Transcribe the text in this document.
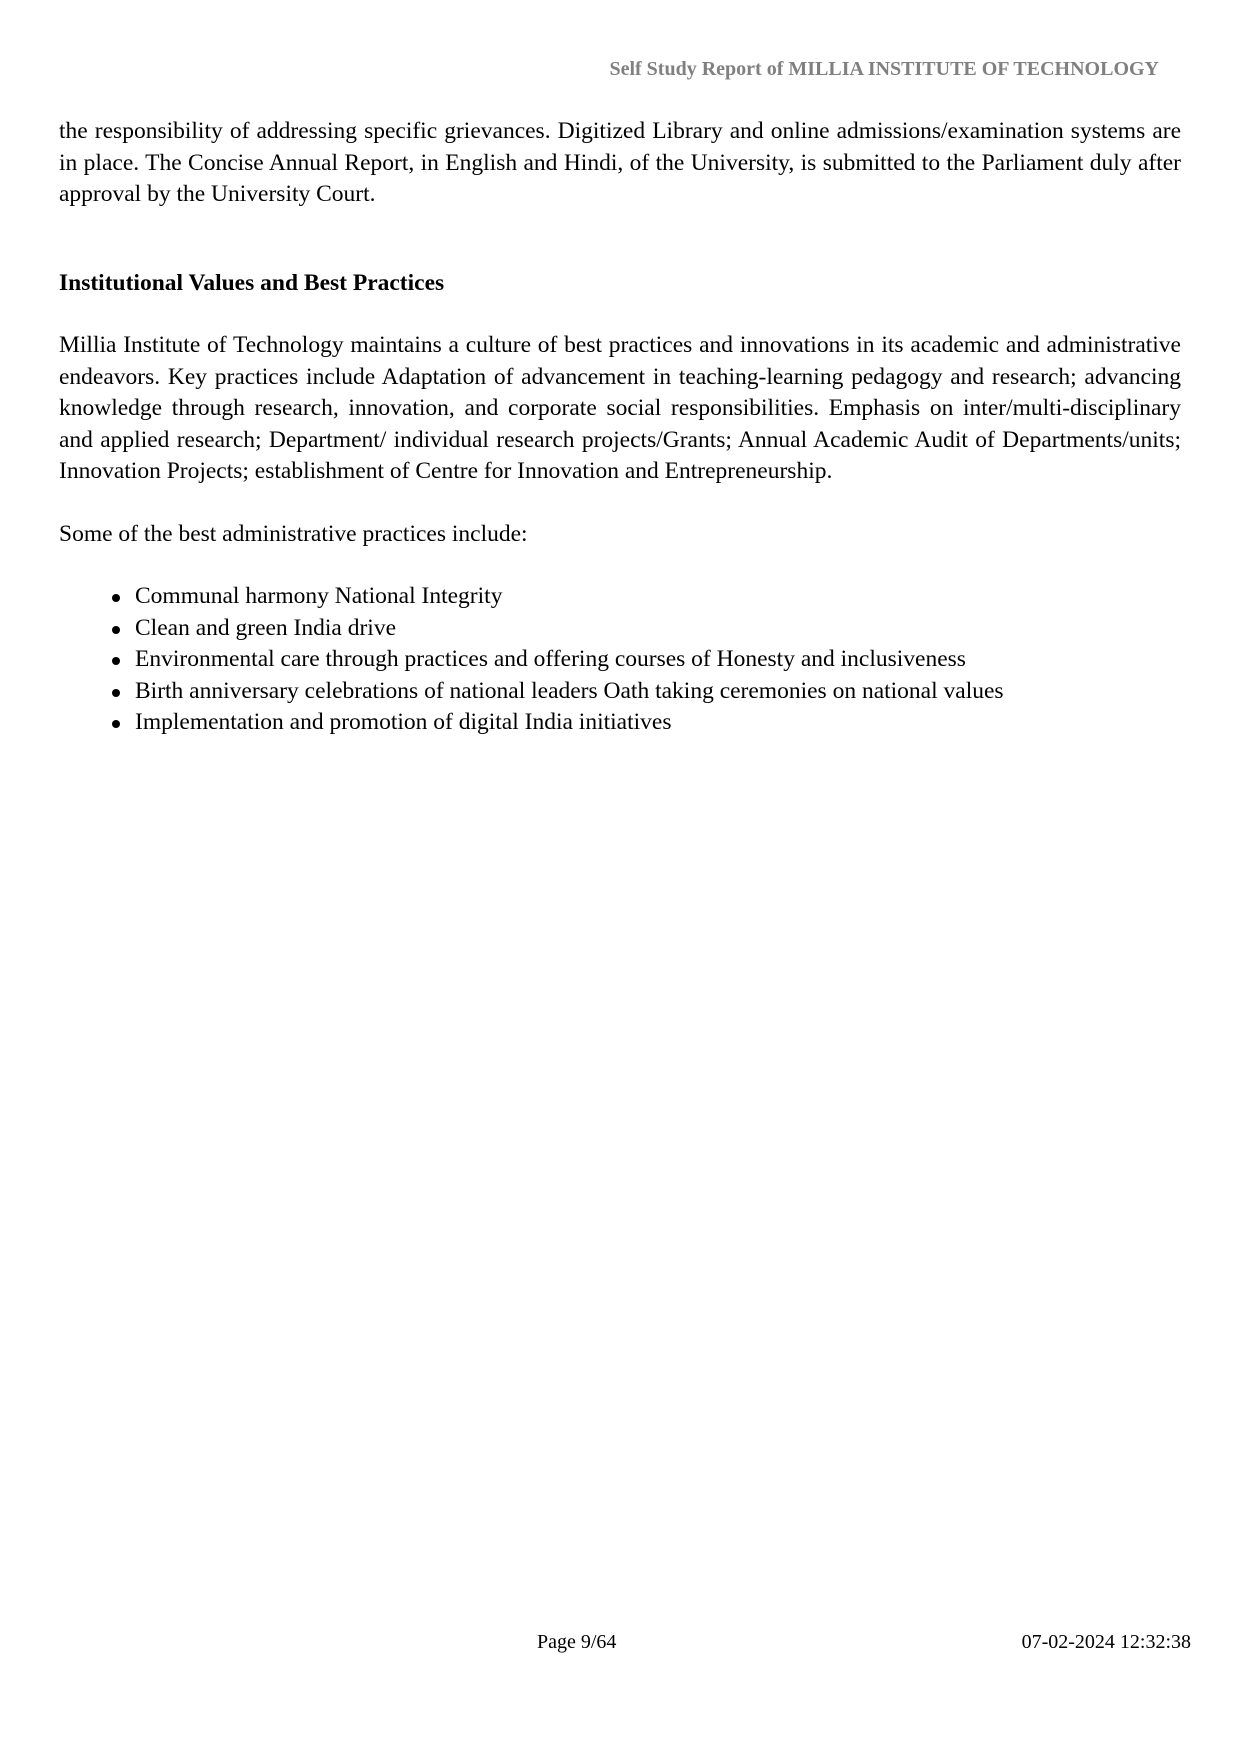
Self Study Report of MILLIA INSTITUTE OF TECHNOLOGY

the responsibility of addressing specific grievances. Digitized Library and online admissions/examination systems are in place. The Concise Annual Report, in English and Hindi, of the University, is submitted to the Parliament duly after approval by the University Court.

Institutional Values and Best Practices

Millia Institute of Technology maintains a culture of best practices and innovations in its academic and administrative endeavors. Key practices include Adaptation of advancement in teaching-learning pedagogy and research; advancing knowledge through research, innovation, and corporate social responsibilities. Emphasis on inter/multi-disciplinary and applied research; Department/ individual research projects/Grants; Annual Academic Audit of Departments/units; Innovation Projects; establishment of Centre for Innovation and Entrepreneurship.

Some of the best administrative practices include:

Communal harmony National Integrity
Clean and green India drive
Environmental care through practices and offering courses of Honesty and inclusiveness
Birth anniversary celebrations of national leaders Oath taking ceremonies on national values
Implementation and promotion of digital India initiatives
Page 9/64	07-02-2024 12:32:38
